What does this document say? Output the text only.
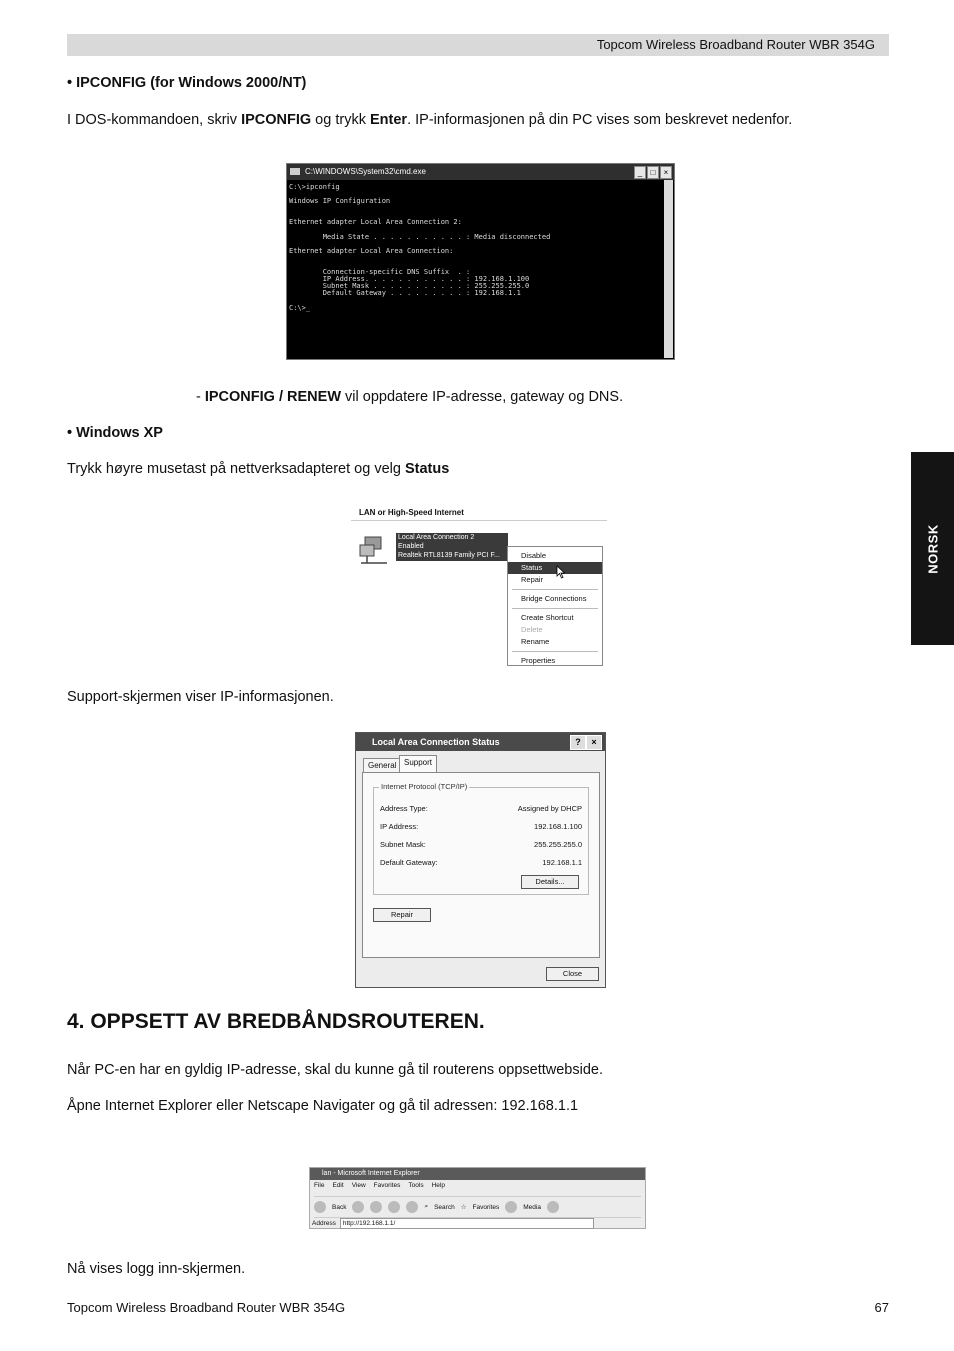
Topcom Wireless Broadband Router WBR 354G
NORSK
• IPCONFIG (for Windows 2000/NT)
I DOS-kommandoen, skriv IPCONFIG og trykk Enter. IP-informasjonen på din PC vises som beskrevet nedenfor.
C:\WINDOWS\System32\cmd.exe	_	□	×
C:\>ipconfig

Windows IP Configuration

Ethernet adapter Local Area Connection 2:

Media State . . . . . . . . . . . : Media disconnected

Ethernet adapter Local Area Connection:

Connection-specific DNS Suffix  . :
IP Address. . . . . . . . . . . . : 192.168.1.100
Subnet Mask . . . . . . . . . . . : 255.255.255.0
Default Gateway . . . . . . . . . : 192.168.1.1

C:\>_
- IPCONFIG / RENEW vil oppdatere IP-adresse, gateway og DNS.
• Windows XP
Trykk høyre musetast på nettverksadapteret og velg Status
LAN or High-Speed Internet
Local Area Connection 2
Enabled
Realtek RTL8139 Family PCI F...	Disable
Status
Repair
Bridge Connections
Create Shortcut
Delete
Rename
Properties
Support-skjermen viser IP-informasjonen.
Local Area Connection Status	?	×
General Support
Internet Protocol (TCP/IP)
Address Type:	Assigned by DHCP
IP Address:	192.168.1.100
Subnet Mask:	255.255.255.0
Default Gateway:	192.168.1.1
Details...
Repair
Close
4. OPPSETT AV BREDBÅNDSROUTEREN.
Når PC-en har en gyldig IP-adresse, skal du kunne gå til routerens oppsettwebside.
Åpne Internet Explorer eller Netscape Navigater og gå til adressen: 192.168.1.1
lan - Microsoft Internet Explorer
File Edit View Favorites Tools Help
Back	⌕ Search ☆ Favorites	Media
Address	http://192.168.1.1/
Nå vises logg inn-skjermen.
Topcom Wireless Broadband Router WBR 354G	67
